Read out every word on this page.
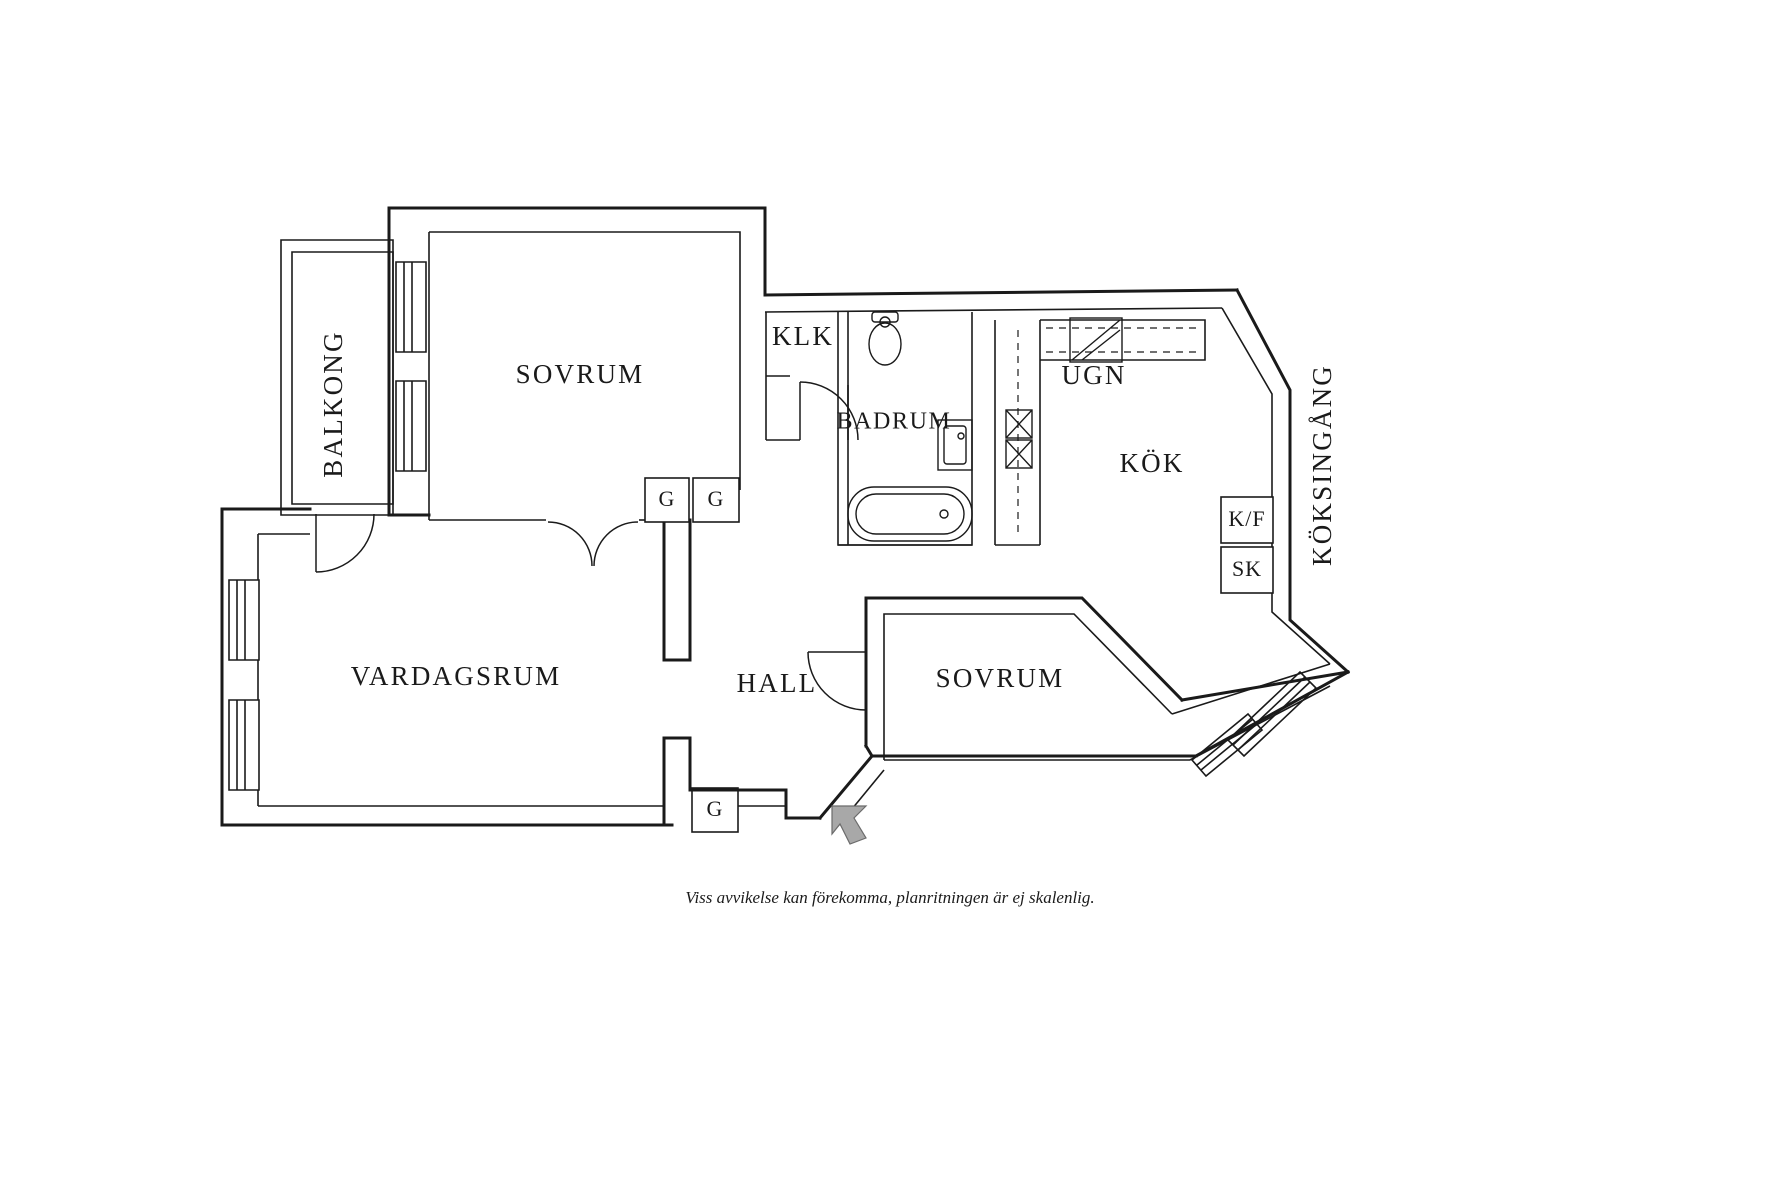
BALKONG	SOVRUM
KLK
BADRUM
UGN
KÖK	KÖKSINGÅNG
VARDAGSRUM	HALL	SOVRUM
G G
G
K/F
SK
Viss avvikelse kan förekomma, planritningen är ej skalenlig.
